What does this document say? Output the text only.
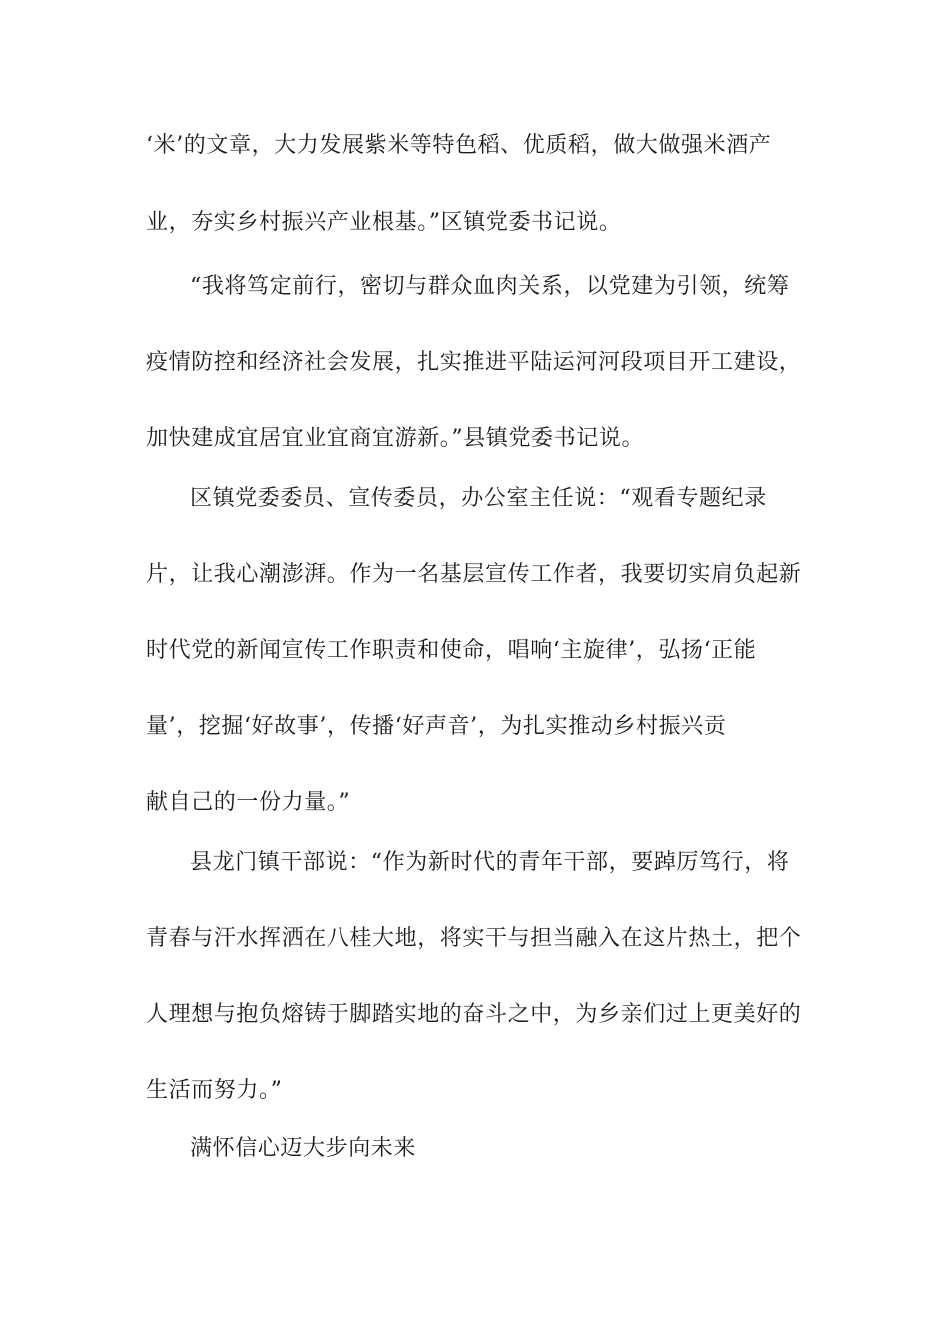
‘米’的文章，大力发展紫米等特色稻、优质稻，做大做强米酒产
业，夯实乡村振兴产业根基。”区镇党委书记说。
“我将笃定前行，密切与群众血肉关系，以党建为引领，统筹
疫情防控和经济社会发展，扎实推进平陆运河河段项目开工建设，
加快建成宜居宜业宜商宜游新。”县镇党委书记说。
区镇党委委员、宣传委员，办公室主任说：“观看专题纪录
片，让我心潮澎湃。作为一名基层宣传工作者，我要切实肩负起新
时代党的新闻宣传工作职责和使命，唱响‘主旋律’，弘扬‘正能
量’，挖掘‘好故事’，传播‘好声音’，为扎实推动乡村振兴贡
献自己的一份力量。”
县龙门镇干部说：“作为新时代的青年干部，要踔厉笃行，将
青春与汗水挥洒在八桂大地，将实干与担当融入在这片热土，把个
人理想与抱负熔铸于脚踏实地的奋斗之中，为乡亲们过上更美好的
生活而努力。”
满怀信心迈大步向未来
